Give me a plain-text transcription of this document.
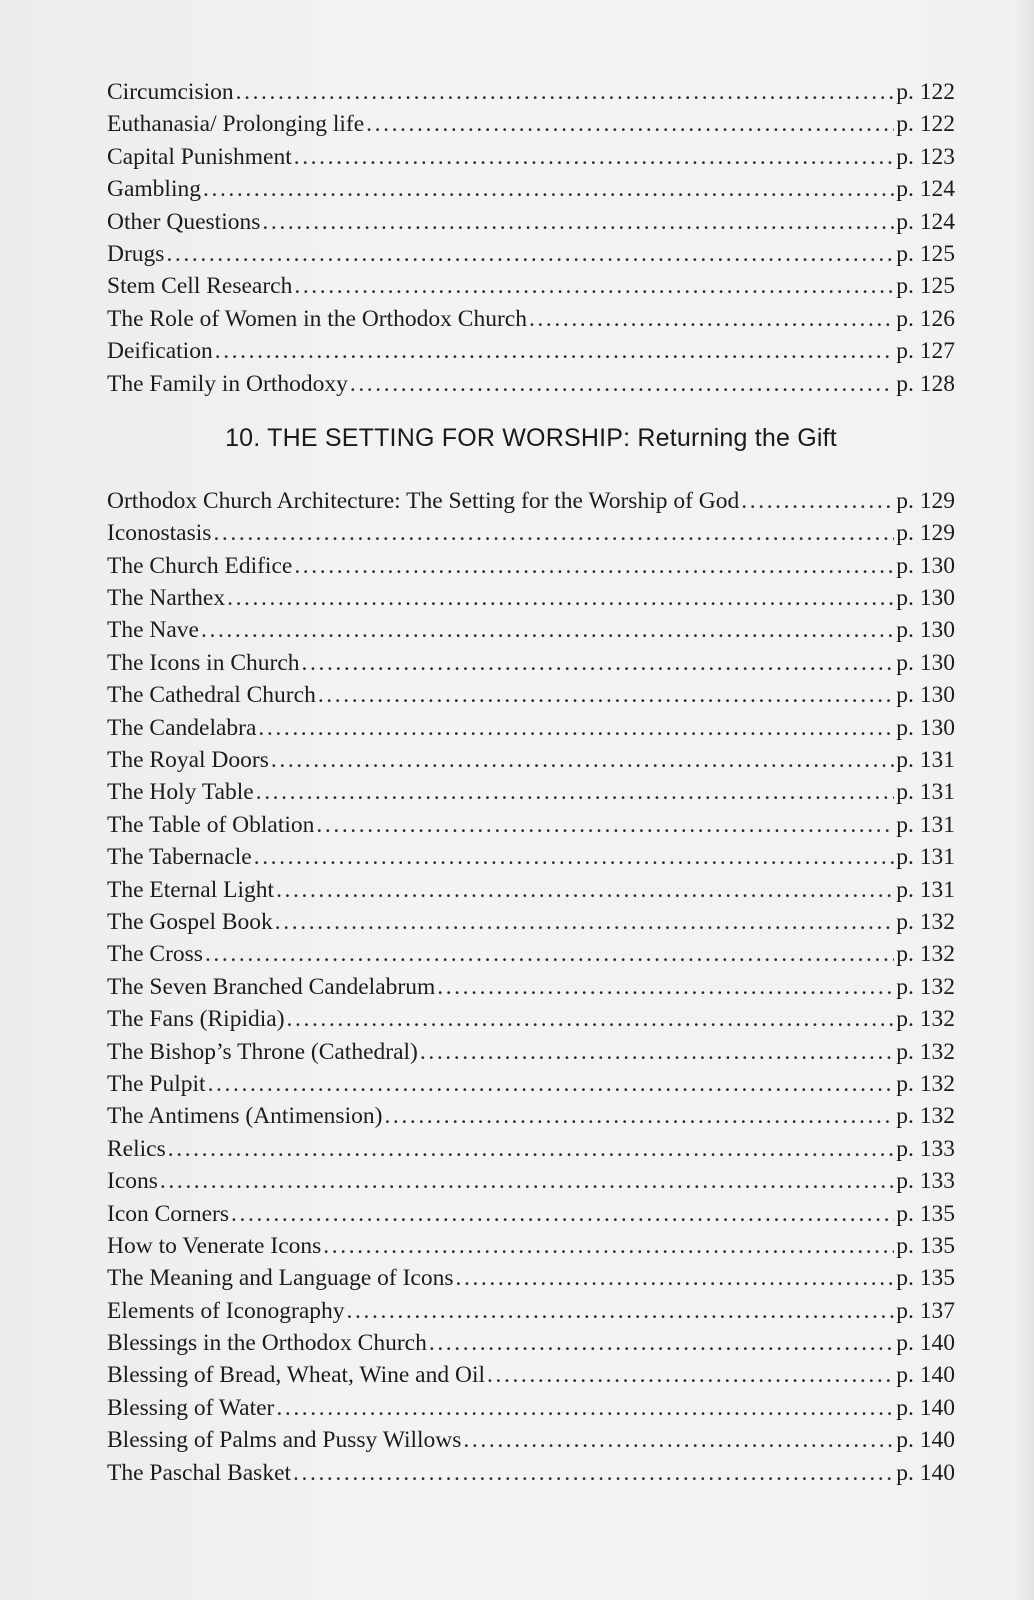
Circumcision .....	p. 122
Euthanasia/ Prolonging life .....	p. 122
Capital Punishment .....	p. 123
Gambling .....	p. 124
Other Questions .....	p. 124
Drugs .....	p. 125
Stem Cell Research .....	p. 125
The Role of Women in the Orthodox Church .....	p. 126
Deification .....	p. 127
The Family in Orthodoxy .....	p. 128
10. THE SETTING FOR WORSHIP: Returning the Gift
Orthodox Church Architecture: The Setting for the Worship of God .....	p. 129
Iconostasis .....	p. 129
The Church Edifice .....	p. 130
The Narthex .....	p. 130
The Nave .....	p. 130
The Icons in Church .....	p. 130
The Cathedral Church .....	p. 130
The Candelabra .....	p. 130
The Royal Doors .....	p. 131
The Holy Table .....	p. 131
The Table of Oblation .....	p. 131
The Tabernacle .....	p. 131
The Eternal Light .....	p. 131
The Gospel Book .....	p. 132
The Cross .....	p. 132
The Seven Branched Candelabrum .....	p. 132
The Fans (Ripidia) .....	p. 132
The Bishop’s Throne (Cathedral) .....	p. 132
The Pulpit .....	p. 132
The Antimens (Antimension) .....	p. 132
Relics .....	p. 133
Icons .....	p. 133
Icon Corners .....	p. 135
How to Venerate Icons .....	p. 135
The Meaning and Language of Icons .....	p. 135
Elements of Iconography .....	p. 137
Blessings in the Orthodox Church .....	p. 140
Blessing of Bread, Wheat, Wine and Oil .....	p. 140
Blessing of Water .....	p. 140
Blessing of Palms and Pussy Willows .....	p. 140
The Paschal Basket .....	p. 140
